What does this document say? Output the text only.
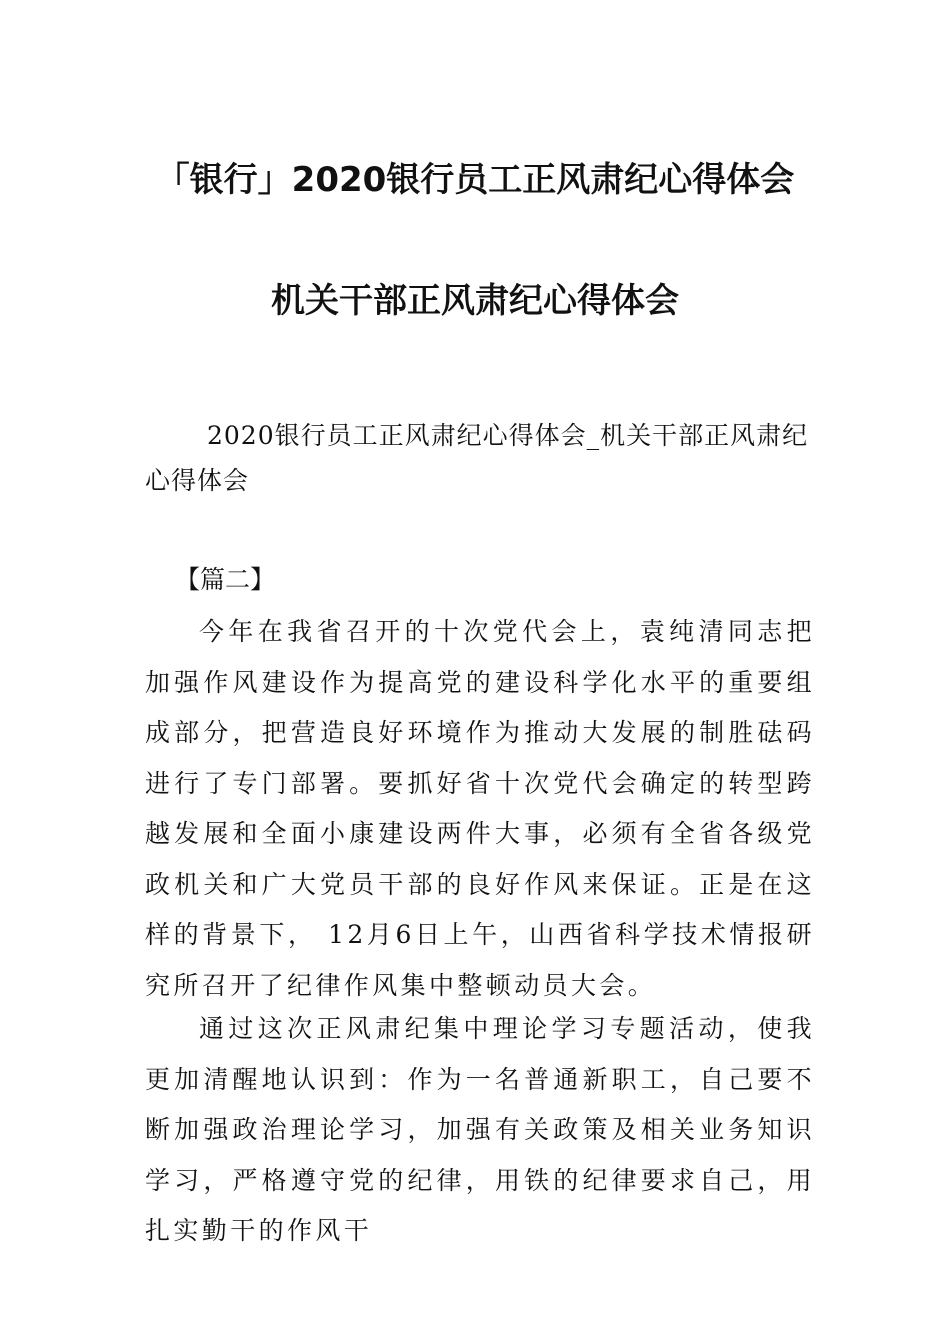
「银行」2020银行员工正风肃纪心得体会
机关干部正风肃纪心得体会

2020银行员工正风肃纪心得体会_机关干部正风肃纪心得体会

【篇二】

今年在我省召开的十次党代会上，袁纯清同志把加强作风建设作为提高党的建设科学化水平的重要组成部分，把营造良好环境作为推动大发展的制胜砝码进行了专门部署。要抓好省十次党代会确定的转型跨越发展和全面小康建设两件大事，必须有全省各级党政机关和广大党员干部的良好作风来保证。正是在这样的背景下， 12月6日上午，山西省科学技术情报研究所召开了纪律作风集中整顿动员大会。

通过这次正风肃纪集中理论学习专题活动，使我更加清醒地认识到：作为一名普通新职工，自己要不断加强政治理论学习，加强有关政策及相关业务知识学习，严格遵守党的纪律，用铁的纪律要求自己，用扎实勤干的作风干
